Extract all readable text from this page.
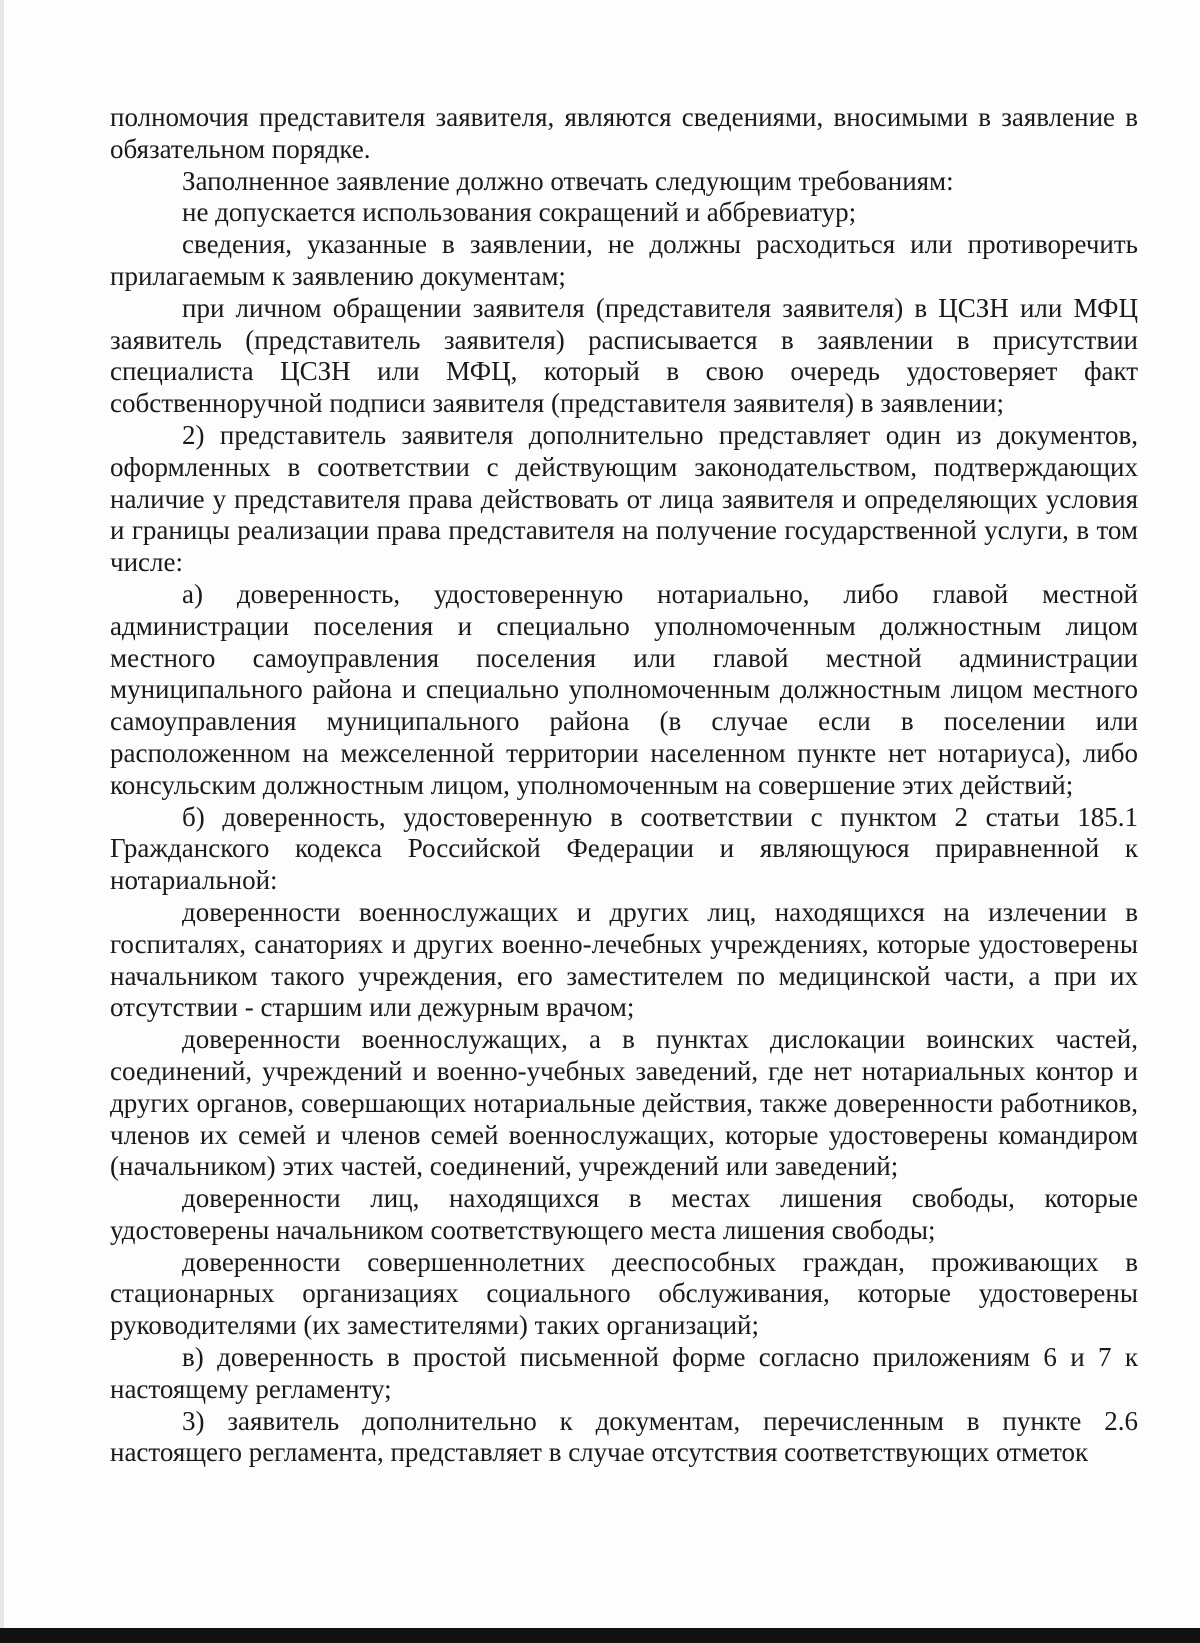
полномочия представителя заявителя, являются сведениями, вносимыми в заявление в обязательном порядке.

Заполненное заявление должно отвечать следующим требованиям:

не допускается использования сокращений и аббревиатур;

сведения, указанные в заявлении, не должны расходиться или противоречить прилагаемым к заявлению документам;

при личном обращении заявителя (представителя заявителя) в ЦСЗН или МФЦ заявитель (представитель заявителя) расписывается в заявлении в присутствии специалиста ЦСЗН или МФЦ, который в свою очередь удостоверяет факт собственноручной подписи заявителя (представителя заявителя) в заявлении;

2) представитель заявителя дополнительно представляет один из документов, оформленных в соответствии с действующим законодательством, подтверждающих наличие у представителя права действовать от лица заявителя и определяющих условия и границы реализации права представителя на получение государственной услуги, в том числе:

а) доверенность, удостоверенную нотариально, либо главой местной администрации поселения и специально уполномоченным должностным лицом местного самоуправления поселения или главой местной администрации муниципального района и специально уполномоченным должностным лицом местного самоуправления муниципального района (в случае если в поселении или расположенном на межселенной территории населенном пункте нет нотариуса), либо консульским должностным лицом, уполномоченным на совершение этих действий;

б) доверенность, удостоверенную в соответствии с пунктом 2 статьи 185.1 Гражданского кодекса Российской Федерации и являющуюся приравненной к нотариальной:

доверенности военнослужащих и других лиц, находящихся на излечении в госпиталях, санаториях и других военно-лечебных учреждениях, которые удостоверены начальником такого учреждения, его заместителем по медицинской части, а при их отсутствии - старшим или дежурным врачом;

доверенности военнослужащих, а в пунктах дислокации воинских частей, соединений, учреждений и военно-учебных заведений, где нет нотариальных контор и других органов, совершающих нотариальные действия, также доверенности работников, членов их семей и членов семей военнослужащих, которые удостоверены командиром (начальником) этих частей, соединений, учреждений или заведений;

доверенности лиц, находящихся в местах лишения свободы, которые удостоверены начальником соответствующего места лишения свободы;

доверенности совершеннолетних дееспособных граждан, проживающих в стационарных организациях социального обслуживания, которые удостоверены руководителями (их заместителями) таких организаций;

в) доверенность в простой письменной форме согласно приложениям 6 и 7 к настоящему регламенту;

3) заявитель дополнительно к документам, перечисленным в пункте 2.6 настоящего регламента, представляет в случае отсутствия соответствующих отметок
